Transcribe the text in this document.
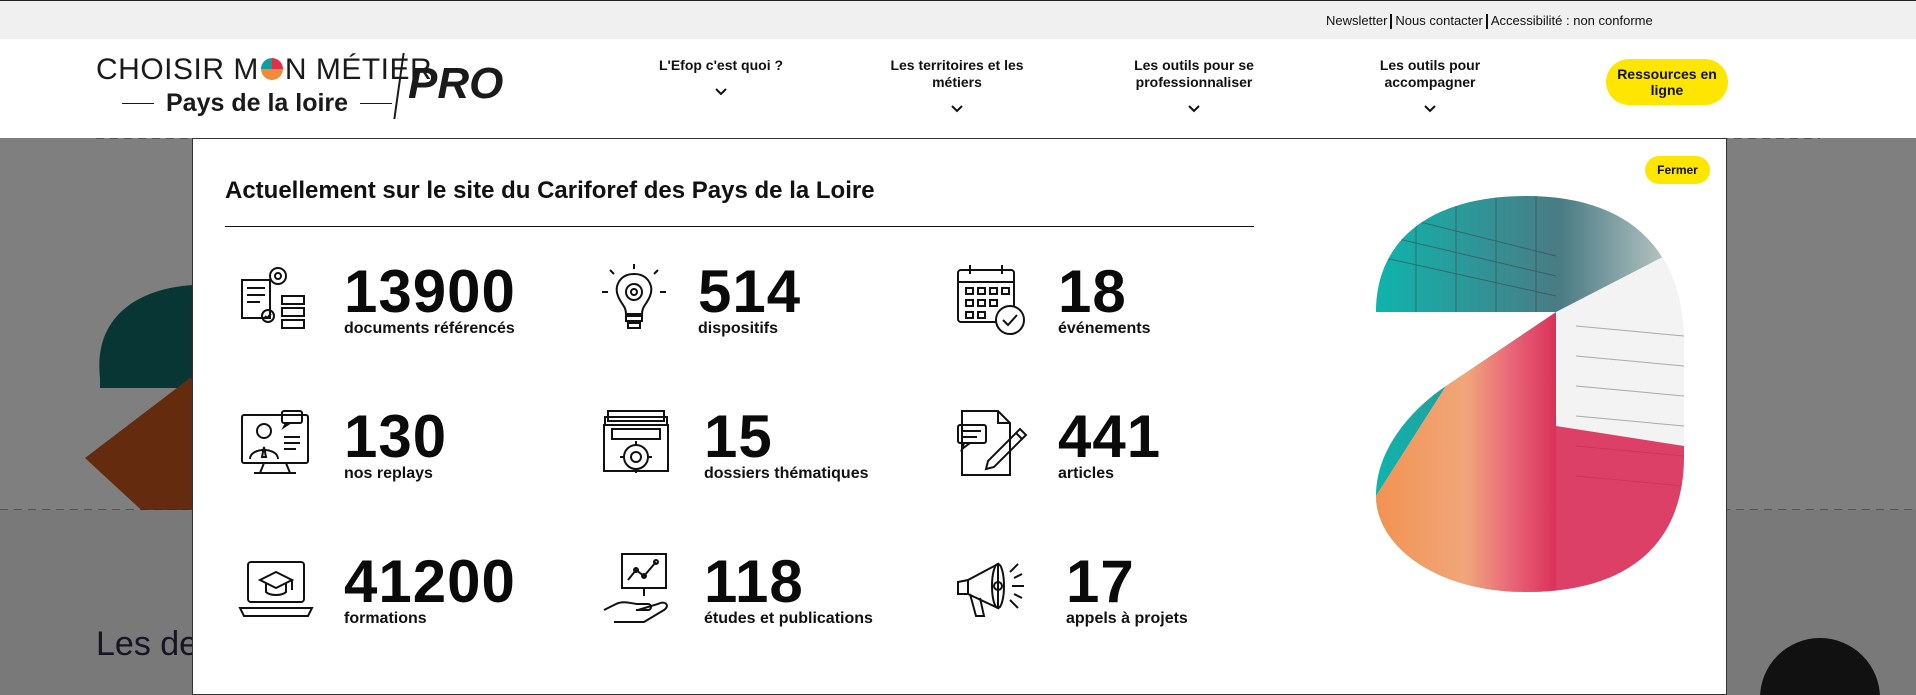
Newsletter Nous contacter Accessibilité : non conforme
CHOISIR M N MÉTIER
Pays de la loire PRO	L'Efop c'est quoi ?	Les territoires et les métiers
Les outils pour se professionnaliser
Les outils pour accompagner	Ressources en ligne
Fermer
Actuellement sur le site du Cariforef des Pays de la Loire
13900
documents référencés
514
dispositifs
18
événements
130
nos replays
15
dossiers thématiques
441
articles
41200
formations
118
études et publications
17
appels à projets
